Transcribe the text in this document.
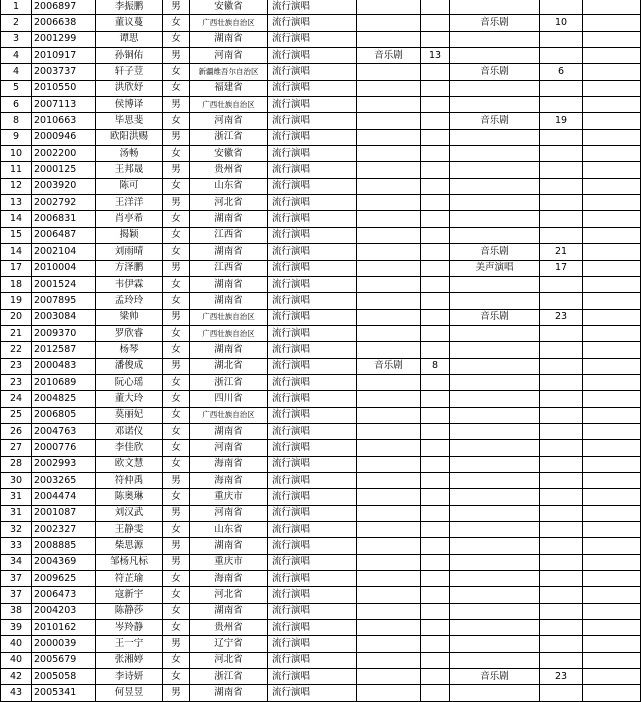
1	2006897	李振鹏	男	安徽省	流行演唱					
2	2006638	董议蔓	女	广西壮族自治区	流行演唱			音乐剧	10	
3	2001299	谭思	女	湖南省	流行演唱					
4	2010917	孙铜佑	男	河南省	流行演唱	音乐剧	13			
4	2003737	轩子荳	女	新疆维吾尔自治区	流行演唱			音乐剧	6	
5	2010550	洪欣妤	女	福建省	流行演唱					
6	2007113	侯博译	男	广西壮族自治区	流行演唱					
8	2010663	毕思斐	女	河南省	流行演唱			音乐剧	19	
9	2000946	欧阳洪赐	男	浙江省	流行演唱					
10	2002200	汤畅	女	安徽省	流行演唱					
11	2000125	王邦晟	男	贵州省	流行演唱					
12	2003920	陈可	女	山东省	流行演唱					
13	2002792	王洋洋	男	河北省	流行演唱					
14	2006831	肖亭希	女	湖南省	流行演唱					
15	2006487	揭颖	女	江西省	流行演唱					
14	2002104	刘雨晴	女	湖南省	流行演唱			音乐剧	21	
17	2010004	方泽鹏	男	江西省	流行演唱			美声演唱	17	
18	2001524	韦伊霖	女	湖南省	流行演唱					
19	2007895	孟玲玲	女	湖南省	流行演唱					
20	2003084	梁帅	男	广西壮族自治区	流行演唱			音乐剧	23	
21	2009370	罗欣睿	女	广西壮族自治区	流行演唱					
22	2012587	杨琴	女	湖南省	流行演唱					
23	2000483	潘俊成	男	湖北省	流行演唱	音乐剧	8			
23	2010689	阮心瑶	女	浙江省	流行演唱					
24	2004825	董大玲	女	四川省	流行演唱					
25	2006805	莫丽妃	女	广西壮族自治区	流行演唱					
26	2004763	邓诺仪	女	湖南省	流行演唱					
27	2000776	李佳欣	女	河南省	流行演唱					
28	2002993	欧文慧	女	海南省	流行演唱					
30	2003265	符仲禹	男	海南省	流行演唱					
31	2004474	陈奥琳	女	重庆市	流行演唱					
31	2001087	刘汉武	男	河南省	流行演唱					
32	2002327	王静雯	女	山东省	流行演唱					
33	2008885	柴思源	男	湖南省	流行演唱					
34	2004369	邹杨凡标	男	重庆市	流行演唱					
37	2009625	符芷瑜	女	海南省	流行演唱					
37	2006473	寇新宇	女	河北省	流行演唱					
38	2004203	陈静莎	女	湖南省	流行演唱					
39	2010162	岑羚静	女	贵州省	流行演唱					
40	2000039	王一宁	男	辽宁省	流行演唱					
40	2005679	张湘婷	女	河北省	流行演唱					
42	2005058	李诗妍	女	浙江省	流行演唱			音乐剧	23	
43	2005341	何昱昱	男	湖南省	流行演唱					
